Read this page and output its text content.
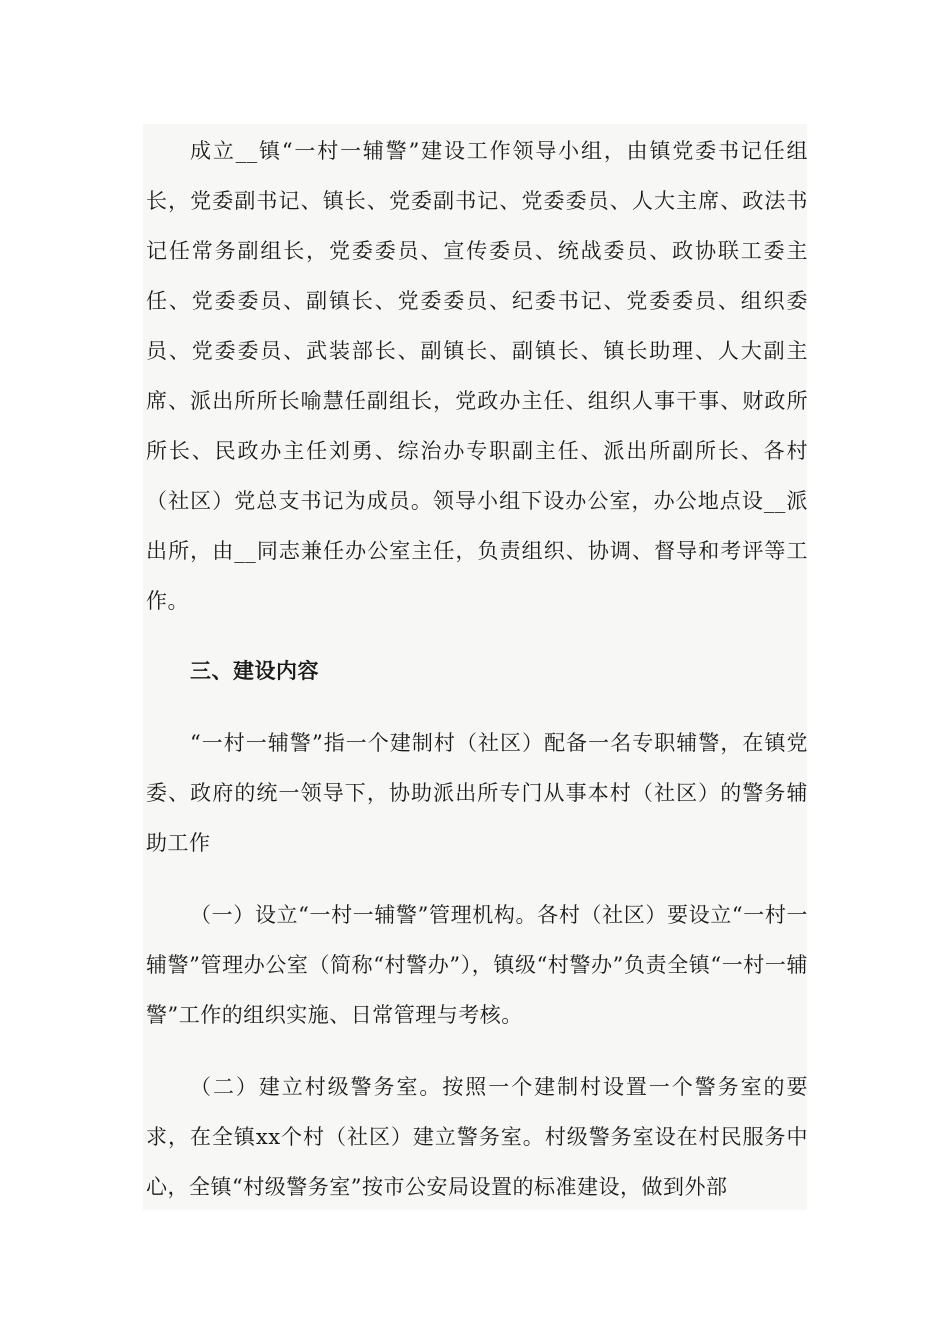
成立__镇“一村一辅警”建设工作领导小组，由镇党委书记任组长，党委副书记、镇长、党委副书记、党委委员、人大主席、政法书记任常务副组长，党委委员、宣传委员、统战委员、政协联工委主任、党委委员、副镇长、党委委员、纪委书记、党委委员、组织委员、党委委员、武装部长、副镇长、副镇长、镇长助理、人大副主席、派出所所长喻慧任副组长，党政办主任、组织人事干事、财政所所长、民政办主任刘勇、综治办专职副主任、派出所副所长、各村（社区）党总支书记为成员。领导小组下设办公室，办公地点设__派出所，由__同志兼任办公室主任，负责组织、协调、督导和考评等工作。

三、建设内容

“一村一辅警”指一个建制村（社区）配备一名专职辅警，在镇党委、政府的统一领导下，协助派出所专门从事本村（社区）的警务辅助工作

（一）设立“一村一辅警”管理机构。各村（社区）要设立“一村一辅警”管理办公室（简称“村警办”），镇级“村警办”负责全镇“一村一辅警”工作的组织实施、日常管理与考核。

（二）建立村级警务室。按照一个建制村设置一个警务室的要求，在全镇xx个村（社区）建立警务室。村级警务室设在村民服务中心，全镇“村级警务室”按市公安局设置的标准建设，做到外部
